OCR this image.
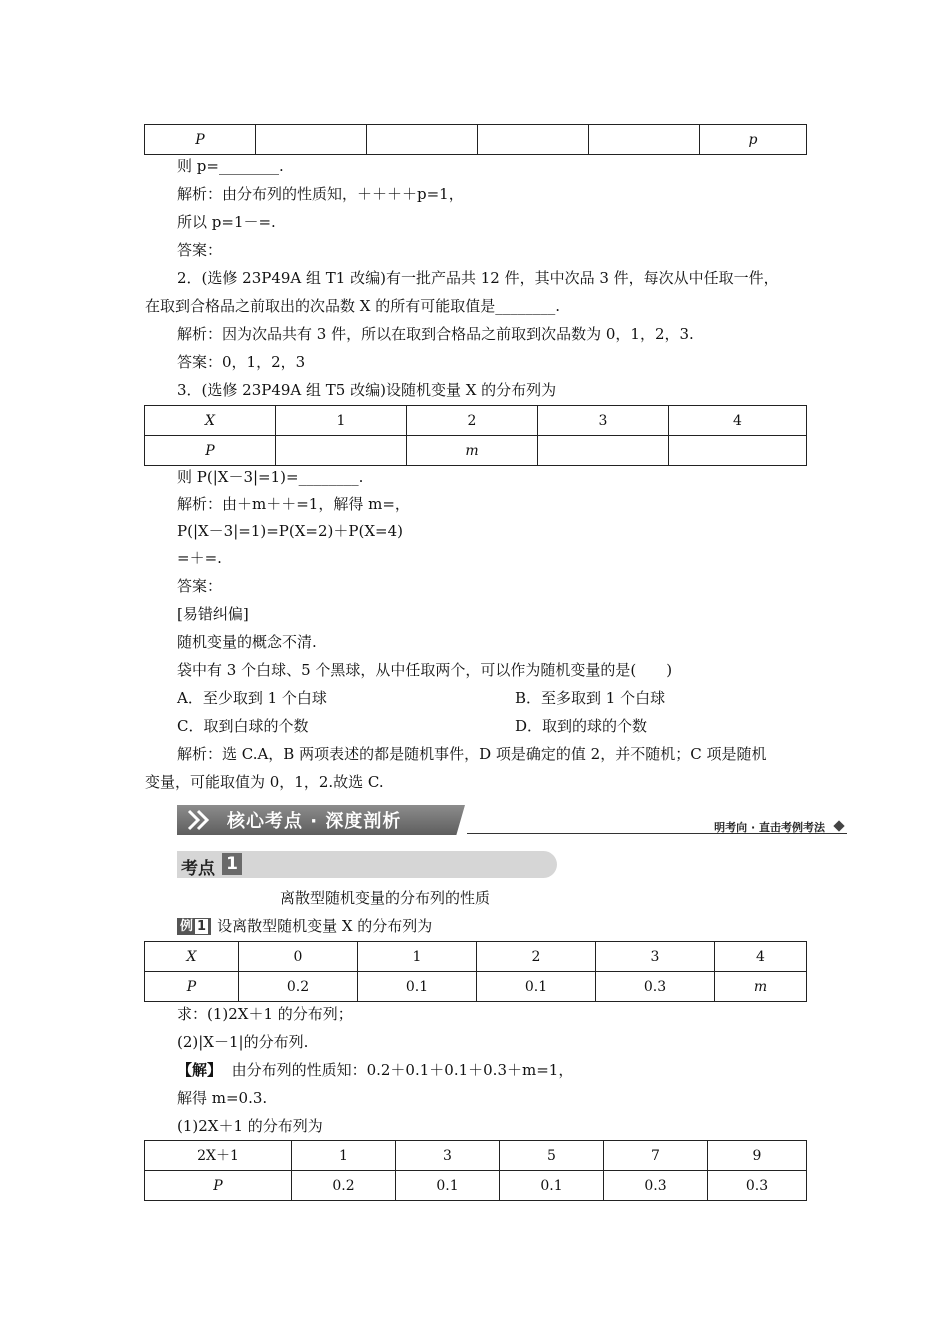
P					p
则 p=________.
解析：由分布列的性质知，＋＋＋＋p=1，
所以 p=1－=.
答案：
2．(选修 23P49A 组 T1 改编)有一批产品共 12 件，其中次品 3 件，每次从中任取一件，
在取到合格品之前取出的次品数 X 的所有可能取值是________.
解析：因为次品共有 3 件，所以在取到合格品之前取到次品数为 0，1，2，3.
答案：0，1，2，3
3．(选修 23P49A 组 T5 改编)设随机变量 X 的分布列为
X	1	2	3	4
P		m		
则 P(|X－3|=1)=________.
解析：由＋m＋＋=1，解得 m=，
P(|X－3|=1)=P(X=2)＋P(X=4)
=＋=.
答案：
[易错纠偏]
随机变量的概念不清.
袋中有 3 个白球、5 个黑球，从中任取两个，可以作为随机变量的是(　　)
A．至少取到 1 个白球	B．至多取到 1 个白球
C．取到白球的个数	D．取到的球的个数
解析：选 C.A，B 两项表述的都是随机事件，D 项是确定的值 2，并不随机；C 项是随机
变量，可能取值为 0，1，2.故选 C.
核心考点 · 深度剖析	明考向 · 直击考例考法
考点 1
离散型随机变量的分布列的性质
例 1 设离散型随机变量 X 的分布列为
X	0	1	2	3	4
P	0.2	0.1	0.1	0.3	m
求：(1)2X＋1 的分布列；
(2)|X－1|的分布列.
【解】 由分布列的性质知：0.2＋0.1＋0.1＋0.3＋m=1，
解得 m=0.3.
(1)2X＋1 的分布列为
2X＋1	1	3	5	7	9
P	0.2	0.1	0.1	0.3	0.3
